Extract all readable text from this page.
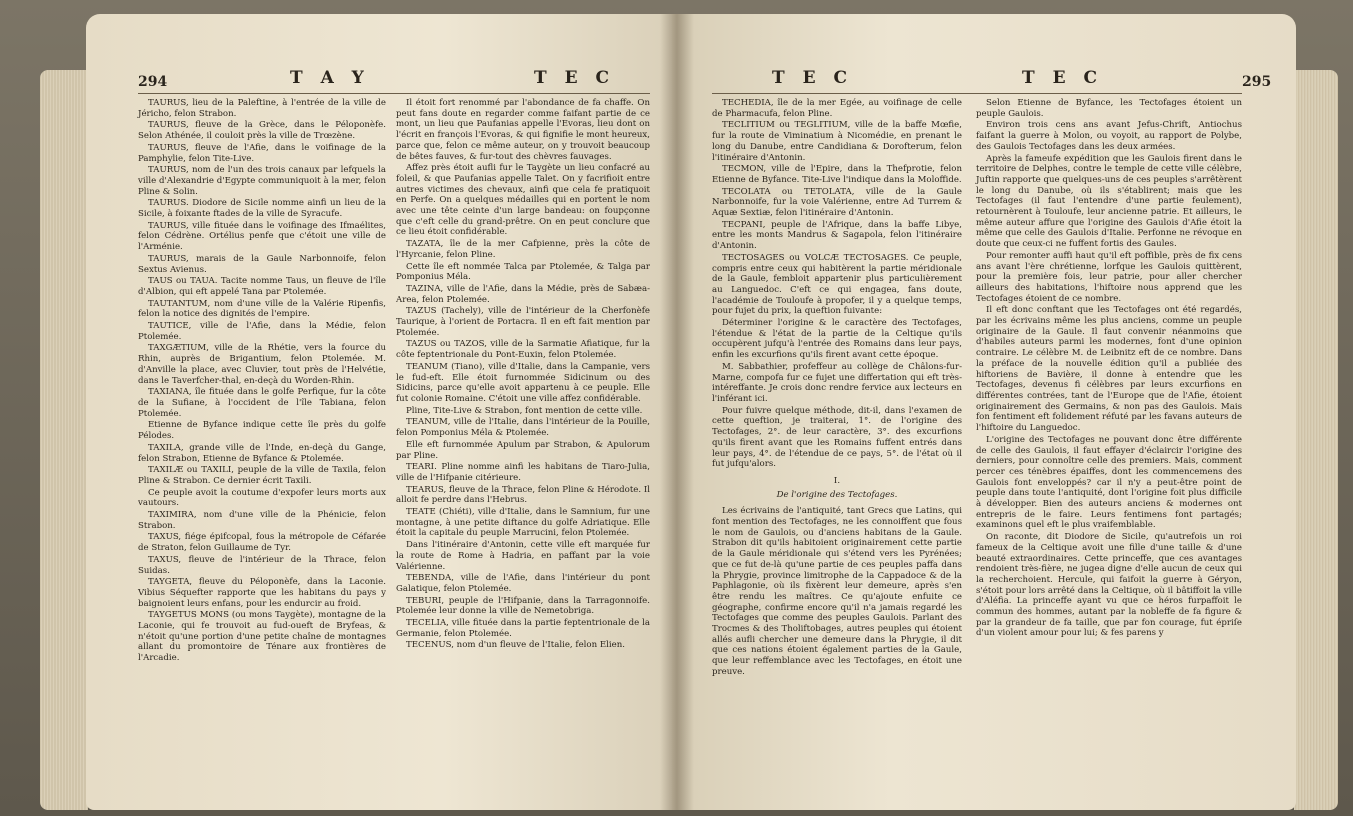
294	T A Y	T E C

TAURUS, lieu de la Paleftine, à l'entrée de la ville de Jéricho, felon Strabon.

TAURUS, fleuve de la Grèce, dans le Péloponèfe. Selon Athénée, il couloit près la ville de Trœzène.

TAURUS, fleuve de l'Afie, dans le voifinage de la Pamphylie, felon Tite-Live.

TAURUS, nom de l'un des trois canaux par lefquels la ville d'Alexandrie d'Egypte communiquoit à la mer, felon Pline & Solin.

TAURUS. Diodore de Sicile nomme ainfi un lieu de la Sicile, à foixante ftades de la ville de Syracufe.

TAURUS, ville fituée dans le voifinage des Ifmaélites, felon Cédrène. Ortélius penfe que c'étoit une ville de l'Arménie.

TAURUS, marais de la Gaule Narbonnoife, felon Sextus Avienus.

TAUS ou TAUA. Tacite nomme Taus, un fleuve de l'île d'Albion, qui eft appelé Tana par Ptolemée.

TAUTANTUM, nom d'une ville de la Valérie Ripenfis, felon la notice des dignités de l'empire.

TAUTICE, ville de l'Afie, dans la Médie, felon Ptolemée.

TAXGÆTIUM, ville de la Rhétie, vers la fource du Rhin, auprès de Brigantium, felon Ptolemée. M. d'Anville la place, avec Cluvier, tout près de l'Helvétie, dans le Taverfcher-thal, en-deçà du Worden-Rhin.

TAXIANA, île fituée dans le golfe Perfique, fur la côte de la Sufiane, à l'occident de l'île Tabiana, felon Ptolemée.

Etienne de Byfance indique cette île près du golfe Pélodes.

TAXILA, grande ville de l'Inde, en-deçà du Gange, felon Strabon, Etienne de Byfance & Ptolemée.

TAXILÆ ou TAXILI, peuple de la ville de Taxila, felon Pline & Strabon. Ce dernier écrit Taxili.

Ce peuple avoit la coutume d'expofer leurs morts aux vautours.

TAXIMIRA, nom d'une ville de la Phénicie, felon Strabon.

TAXUS, fiége épifcopal, fous la métropole de Céfarée de Straton, felon Guillaume de Tyr.

TAXUS, fleuve de l'intérieur de la Thrace, felon Suidas.

TAYGETA, fleuve du Péloponèfe, dans la Laconie. Vibius Séquefter rapporte que les habitans du pays y baignoient leurs enfans, pour les endurcir au froid.

TAYGETUS MONS (ou mons Taygète), montagne de la Laconie, qui fe trouvoit au fud-oueft de Bryfeas, & n'étoit qu'une portion d'une petite chaîne de montagnes allant du promontoire de Ténare aux frontières de l'Arcadie.

Il étoit fort renommé par l'abondance de fa chaffe. On peut fans doute en regarder comme faifant partie de ce mont, un lieu que Paufanias appelle l'Evoras, lieu dont on l'écrit en françois l'Evoras, & qui fignifie le mont heureux, parce que, felon ce même auteur, on y trouvoit beaucoup de bêtes fauves, & fur-tout des chèvres fauvages.

Affez près étoit aufli fur le Taygète un lieu confacré au foleil, & que Paufanias appelle Talet. On y facrifioit entre autres victimes des chevaux, ainfi que cela fe pratiquoit en Perfe. On a quelques médailles qui en portent le nom avec une tête ceinte d'un large bandeau: on foupçonne que c'eft celle du grand-prêtre. On en peut conclure que ce lieu étoit confidérable.

TAZATA, île de la mer Cafpienne, près la côte de l'Hyrcanie, felon Pline.

Cette île eft nommée Talca par Ptolemée, & Talga par Pomponius Méla.

TAZINA, ville de l'Afie, dans la Médie, près de Sabæa-Area, felon Ptolemée.

TAZUS (Tachely), ville de l'intérieur de la Cherfonèfe Taurique, à l'orient de Portacra. Il en eft fait mention par Ptolemée.

TAZUS ou TAZOS, ville de la Sarmatie Afiatique, fur la côte feptentrionale du Pont-Euxin, felon Ptolemée.

TEANUM (Tiano), ville d'Italie, dans la Campanie, vers le fud-eft. Elle étoit furnommée Sidicinum ou des Sidicins, parce qu'elle avoit appartenu à ce peuple. Elle fut colonie Romaine. C'étoit une ville affez confidérable.

Pline, Tite-Live & Strabon, font mention de cette ville.

TEANUM, ville de l'Italie, dans l'intérieur de la Pouille, felon Pomponius Méla & Ptolemée.

Elle eft furnommée Apulum par Strabon, & Apulorum par Pline.

TEARI. Pline nomme ainfi les habitans de Tiaro-Julia, ville de l'Hifpanie citérieure.

TEARUS, fleuve de la Thrace, felon Pline & Hérodote. Il alloit fe perdre dans l'Hebrus.

TEATE (Chiéti), ville d'Italie, dans le Samnium, fur une montagne, à une petite diftance du golfe Adriatique. Elle étoit la capitale du peuple Marrucini, felon Ptolemée.

Dans l'itinéraire d'Antonin, cette ville eft marquée fur la route de Rome à Hadria, en paffant par la voie Valérienne.

TEBENDA, ville de l'Afie, dans l'intérieur du pont Galatique, felon Ptolemée.

TEBURI, peuple de l'Hifpanie, dans la Tarragonnoife. Ptolemée leur donne la ville de Nemetobriga.

TECELIA, ville fituée dans la partie feptentrionale de la Germanie, felon Ptolemée.

TECENUS, nom d'un fleuve de l'Italie, felon Elien.

T E C	T E C	295

TECHEDIA, île de la mer Egée, au voifinage de celle de Pharmacufa, felon Pline.

TECLITIUM ou TEGLITIUM, ville de la baffe Mœfie, fur la route de Viminatium à Nicomédie, en prenant le long du Danube, entre Candidiana & Dorofterum, felon l'itinéraire d'Antonin.

TECMON, ville de l'Epire, dans la Thefprotie, felon Etienne de Byfance. Tite-Live l'indique dans la Moloffide.

TECOLATA ou TETOLATA, ville de la Gaule Narbonnoife, fur la voie Valérienne, entre Ad Turrem & Aquæ Sextiæ, felon l'itinéraire d'Antonin.

TECPANI, peuple de l'Afrique, dans la baffe Libye, entre les monts Mandrus & Sagapola, felon l'itinéraire d'Antonin.

TECTOSAGES ou VOLCÆ TECTOSAGES. Ce peuple, compris entre ceux qui habitèrent la partie méridionale de la Gaule, fembloit appartenir plus particulièrement au Languedoc. C'eft ce qui engagea, fans doute, l'académie de Touloufe à propofer, il y a quelque temps, pour fujet du prix, la queftion fuivante:

Déterminer l'origine & le caractère des Tectofages, l'étendue & l'état de la partie de la Celtique qu'ils occupèrent jufqu'à l'entrée des Romains dans leur pays, enfin les excurfions qu'ils firent avant cette époque.

M. Sabbathier, profeffeur au collège de Châlons-fur-Marne, compofa fur ce fujet une differtation qui eft très-intéreffante. Je crois donc rendre fervice aux lecteurs en l'inférant ici.

Pour fuivre quelque méthode, dit-il, dans l'examen de cette queftion, je traiterai, 1°. de l'origine des Tectofages, 2°. de leur caractère, 3°. des excurfions qu'ils firent avant que les Romains fuffent entrés dans leur pays, 4°. de l'étendue de ce pays, 5°. de l'état où il fut jufqu'alors.

I.

De l'origine des Tectofages.

Les écrivains de l'antiquité, tant Grecs que Latins, qui font mention des Tectofages, ne les connoiffent que fous le nom de Gaulois, ou d'anciens habitans de la Gaule. Strabon dit qu'ils habitoient originairement cette partie de la Gaule méridionale qui s'étend vers les Pyrénées; que ce fut de-là qu'une partie de ces peuples paffa dans la Phrygie, province limitrophe de la Cappadoce & de la Paphlagonie, où ils fixèrent leur demeure, après s'en être rendu les maîtres. Ce qu'ajoute enfuite ce géographe, confirme encore qu'il n'a jamais regardé les Tectofages que comme des peuples Gaulois. Parlant des Trocmes & des Tholiftobages, autres peuples qui étoient allés aufli chercher une demeure dans la Phrygie, il dit que ces nations étoient également parties de la Gaule, que leur reffemblance avec les Tectofages, en étoit une preuve.

Selon Etienne de Byfance, les Tectofages étoient un peuple Gaulois.

Environ trois cens ans avant Jefus-Chrift, Antiochus faifant la guerre à Molon, ou voyoit, au rapport de Polybe, des Gaulois Tectofages dans les deux armées.

Après la fameufe expédition que les Gaulois firent dans le territoire de Delphes, contre le temple de cette ville célèbre, Juftin rapporte que quelques-uns de ces peuples s'arrêtèrent le long du Danube, où ils s'établirent; mais que les Tectofages (il faut l'entendre d'une partie feulement), retournèrent à Touloufe, leur ancienne patrie. Et ailleurs, le même auteur affure que l'origine des Gaulois d'Afie étoit la même que celle des Gaulois d'Italie. Perfonne ne révoque en doute que ceux-ci ne fuffent fortis des Gaules.

Pour remonter auffi haut qu'il eft poffible, près de fix cens ans avant l'ère chrétienne, lorfque les Gaulois quittèrent, pour la première fois, leur patrie, pour aller chercher ailleurs des habitations, l'hiftoire nous apprend que les Tectofages étoient de ce nombre.

Il eft donc conftant que les Tectofages ont été regardés, par les écrivains même les plus anciens, comme un peuple originaire de la Gaule. Il faut convenir néanmoins que d'habiles auteurs parmi les modernes, font d'une opinion contraire. Le célèbre M. de Leibnitz eft de ce nombre. Dans la préface de la nouvelle édition qu'il a publiée des hiftoriens de Bavière, il donne à entendre que les Tectofages, devenus fi célèbres par leurs excurfions en différentes contrées, tant de l'Europe que de l'Afie, étoient originairement des Germains, & non pas des Gaulois. Mais fon fentiment eft folidement réfuté par les favans auteurs de l'hiftoire du Languedoc.

L'origine des Tectofages ne pouvant donc être différente de celle des Gaulois, il faut effayer d'éclaircir l'origine des derniers, pour connoître celle des premiers. Mais, comment percer ces ténèbres épaiffes, dont les commencemens des Gaulois font enveloppés? car il n'y a peut-être point de peuple dans toute l'antiquité, dont l'origine foit plus difficile à développer. Bien des auteurs anciens & modernes ont entrepris de le faire. Leurs fentimens font partagés; examinons quel eft le plus vraifemblable.

On raconte, dit Diodore de Sicile, qu'autrefois un roi fameux de la Celtique avoit une fille d'une taille & d'une beauté extraordinaires. Cette princeffe, que ces avantages rendoient très-fière, ne jugea digne d'elle aucun de ceux qui la recherchoient. Hercule, qui faifoit la guerre à Géryon, s'étoit pour lors arrêté dans la Celtique, où il bâtiffoit la ville d'Aléfia. La princeffe ayant vu que ce héros furpaffoit le commun des hommes, autant par la nobleffe de fa figure & par la grandeur de fa taille, que par fon courage, fut épriſe d'un violent amour pour lui; & fes parens y
